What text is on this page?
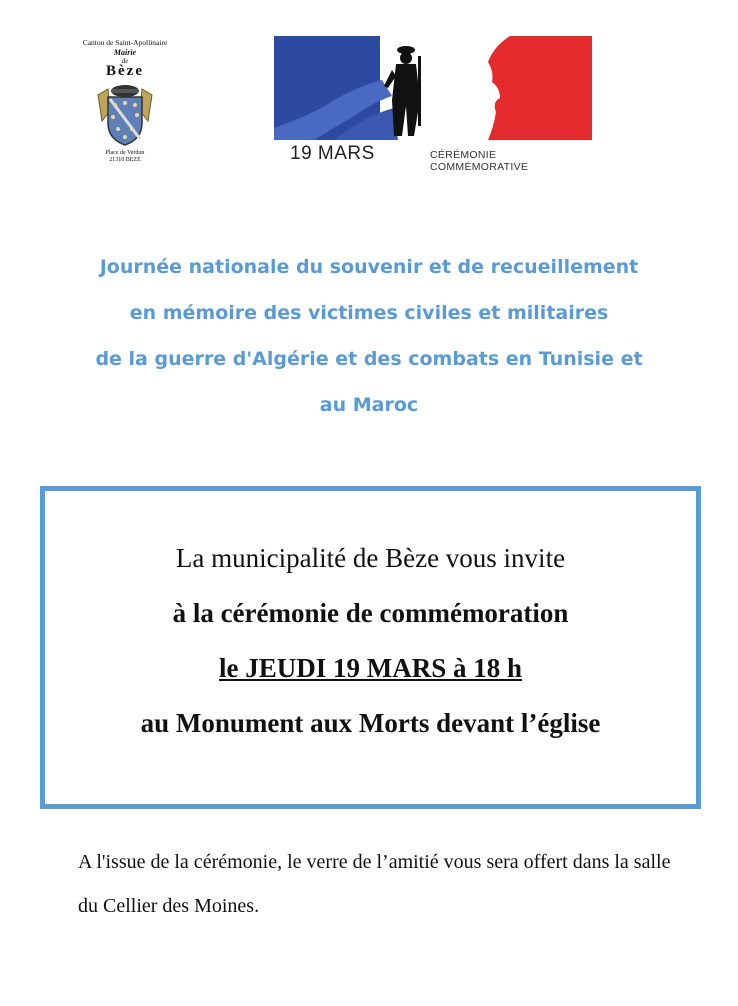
Canton de Saint-Apollinaire
Mairie
de
Bèze
Place de Verdun
21310 BEZE	19 MARS	CÉRÉMONIE COMMÉMORATIVE
Journée nationale du souvenir et de recueillement
en mémoire des victimes civiles et militaires
de la guerre d'Algérie et des combats en Tunisie et
au Maroc
La municipalité de Bèze vous invite
à la cérémonie de commémoration
le JEUDI 19 MARS à 18 h
au Monument aux Morts devant l’église
A l'issue de la cérémonie, le verre de l’amitié vous sera offert dans la salle du Cellier des Moines.
